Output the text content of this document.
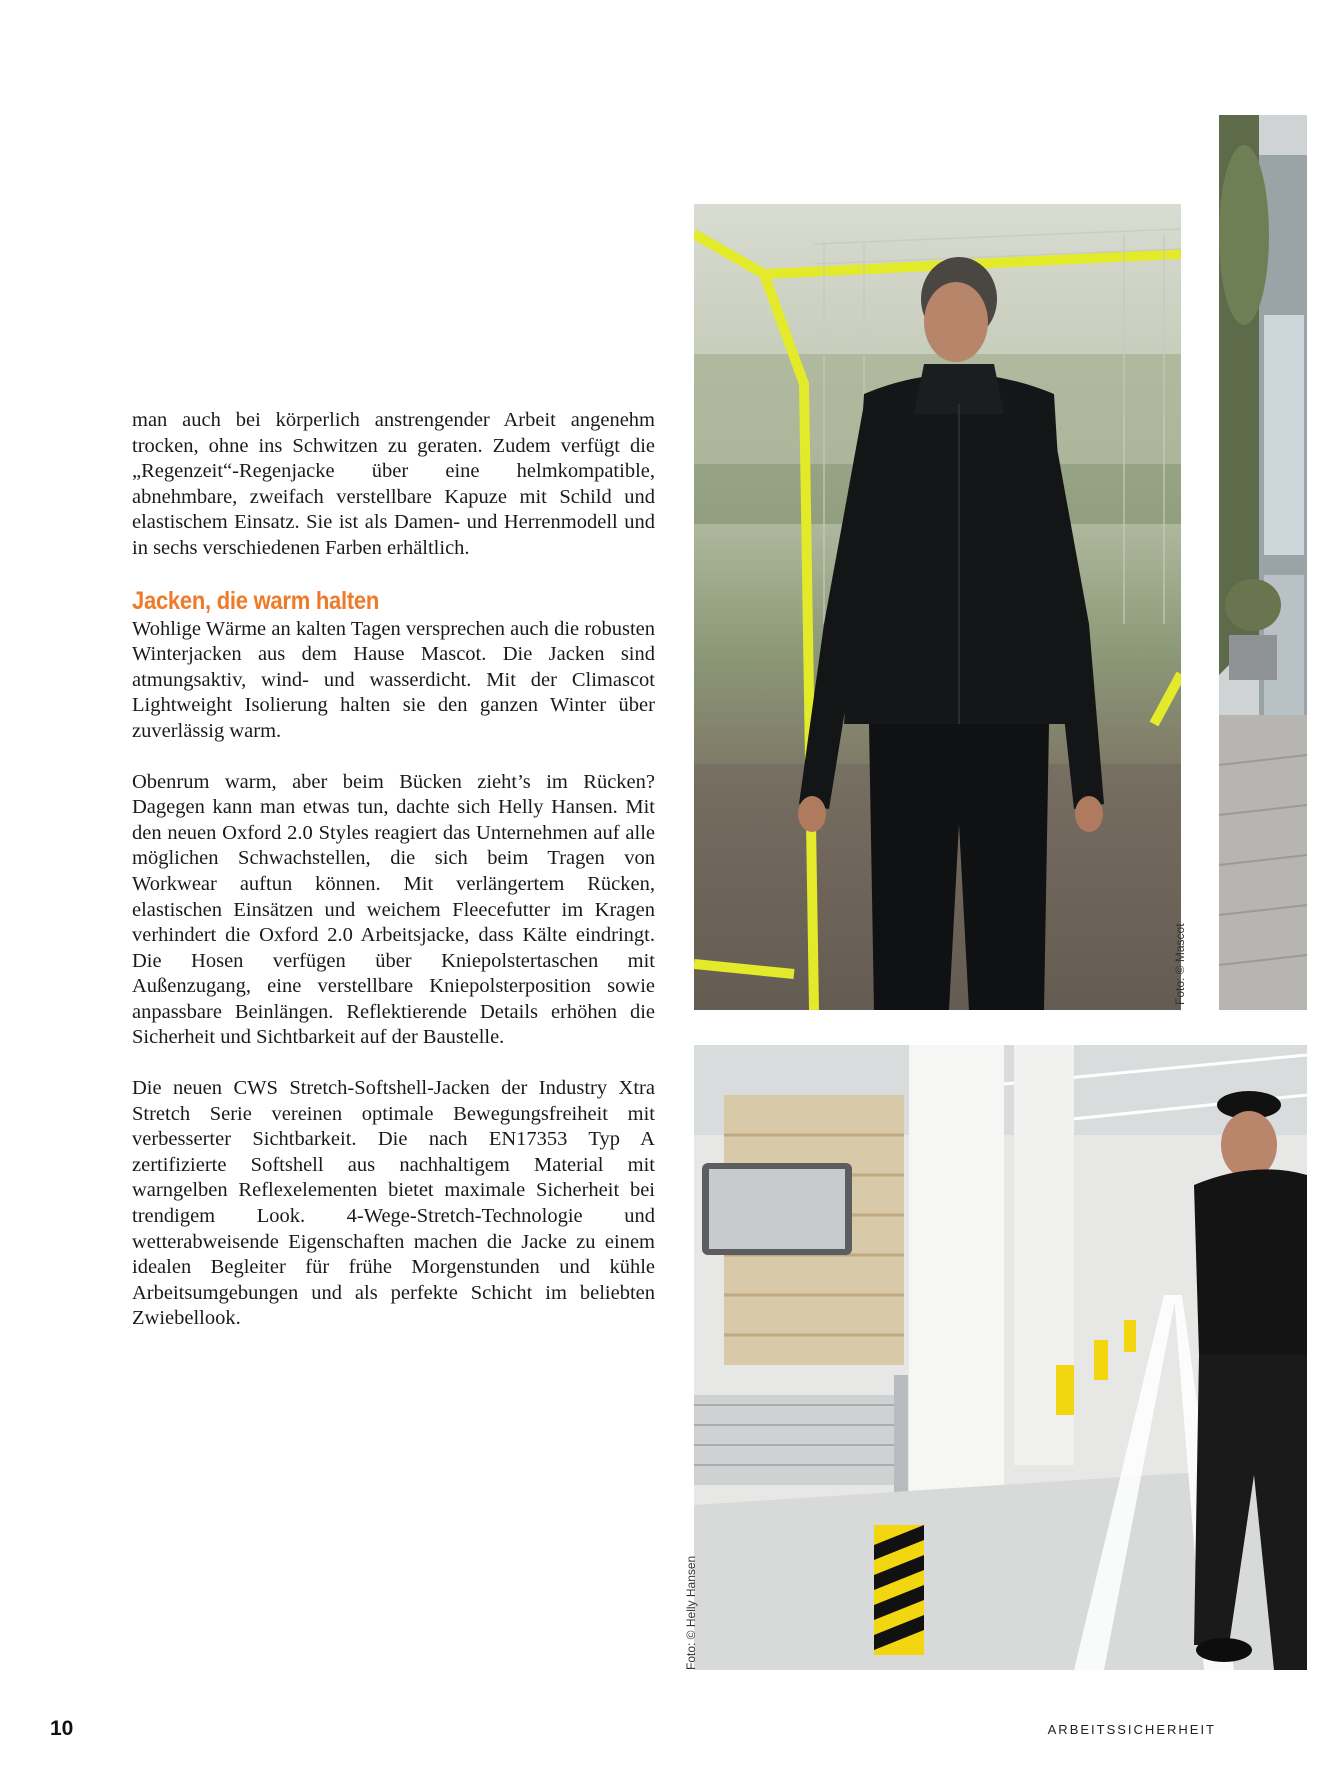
man auch bei körperlich anstrengender Arbeit angenehm trocken, ohne ins Schwitzen zu geraten. Zudem verfügt die „Regenzeit“-Regenjacke über eine helmkompatible, abnehmbare, zweifach verstellbare Kapuze mit Schild und elastischem Einsatz. Sie ist als Damen- und Herrenmodell und in sechs verschiedenen Farben erhältlich.

Jacken, die warm halten

Wohlige Wärme an kalten Tagen versprechen auch die robusten Winterjacken aus dem Hause Mascot. Die Jacken sind atmungsaktiv, wind- und wasserdicht. Mit der Climascot Lightweight Isolierung halten sie den ganzen Winter über zuverlässig warm.

Obenrum warm, aber beim Bücken zieht’s im Rücken? Dagegen kann man etwas tun, dachte sich Helly Hansen. Mit den neuen Oxford 2.0 Styles reagiert das Unternehmen auf alle möglichen Schwachstellen, die sich beim Tragen von Workwear auftun können. Mit verlängertem Rücken, elastischen Einsätzen und weichem Fleecefutter im Kragen verhindert die Oxford 2.0 Arbeitsjacke, dass Kälte eindringt. Die Hosen verfügen über Kniepolstertaschen mit Außenzugang, eine verstellbare Kniepolsterposition sowie anpassbare Beinlängen. Reflektierende Details erhöhen die Sicherheit und Sichtbarkeit auf der Baustelle.

Die neuen CWS Stretch-Softshell-Jacken der Industry Xtra Stretch Serie vereinen optimale Bewegungsfreiheit mit verbesserter Sichtbarkeit. Die nach EN17353 Typ A zertifizierte Softshell aus nachhaltigem Material mit warngelben Reflexelementen bietet maximale Sicherheit bei trendigem Look. 4-Wege-Stretch-Technologie und wetterabweisende Eigenschaften machen die Jacke zu einem idealen Begleiter für frühe Morgenstunden und kühle Arbeitsumgebungen und als perfekte Schicht im beliebten Zwiebellook.

Foto: © Mascot
Foto: © Helly Hansen
10	ARBEITSSICHERHEIT
